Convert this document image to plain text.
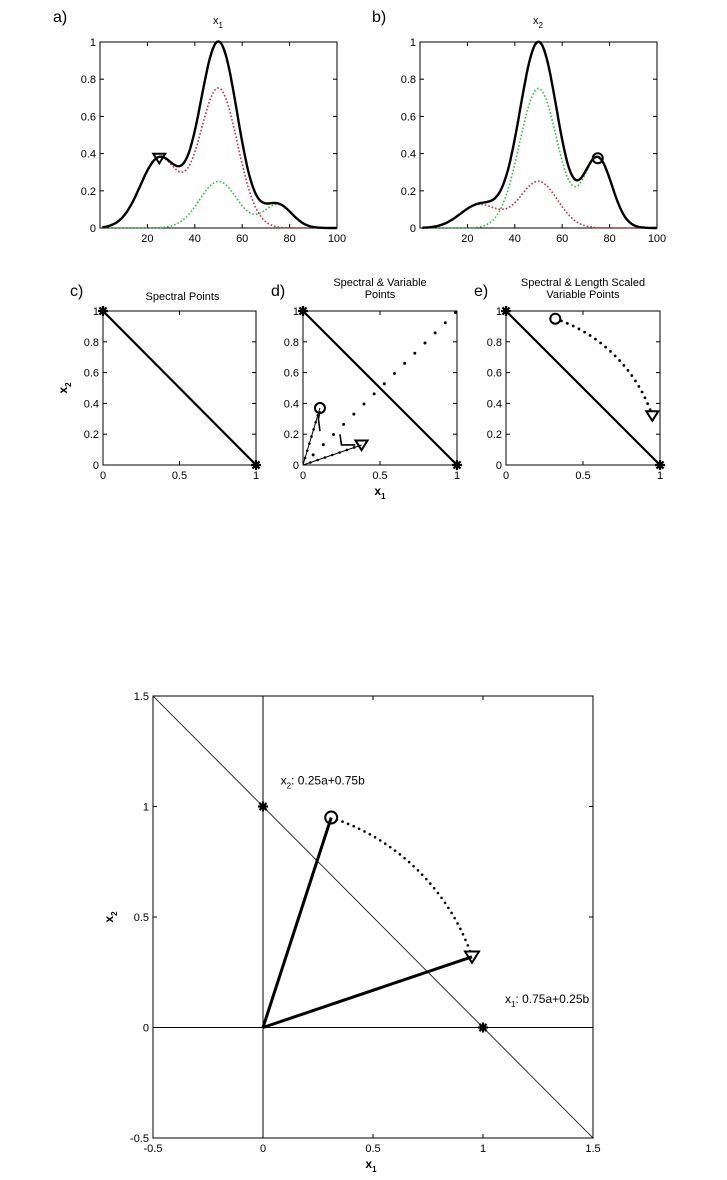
a)	$x_1$
20	40	60	80	100
0
0.2
0.4
0.6
0.8
1
b)	$x_2$
20	40	60	80	100
0
0.2
0.4
0.6
0.8
1
c)	Spectral Points
0	0.5	1
0
0.2
0.4
0.6
0.8
1
$x_2$
d)	Spectral & Variable
Points
0	0.5	1
0
0.2
0.4
0.6
0.8
1
$x_1$
e)	Spectral & Length Scaled
Variable Points
0	0.5	1
0
0.2
0.4
0.6
0.8
1
-0.5	0	0.5	1	1.5
-0.5
0
0.5
1
1.5
$x_1$
$x_2$
$x_2$: 0.25a+0.75b
$x_1$: 0.75a+0.25b
